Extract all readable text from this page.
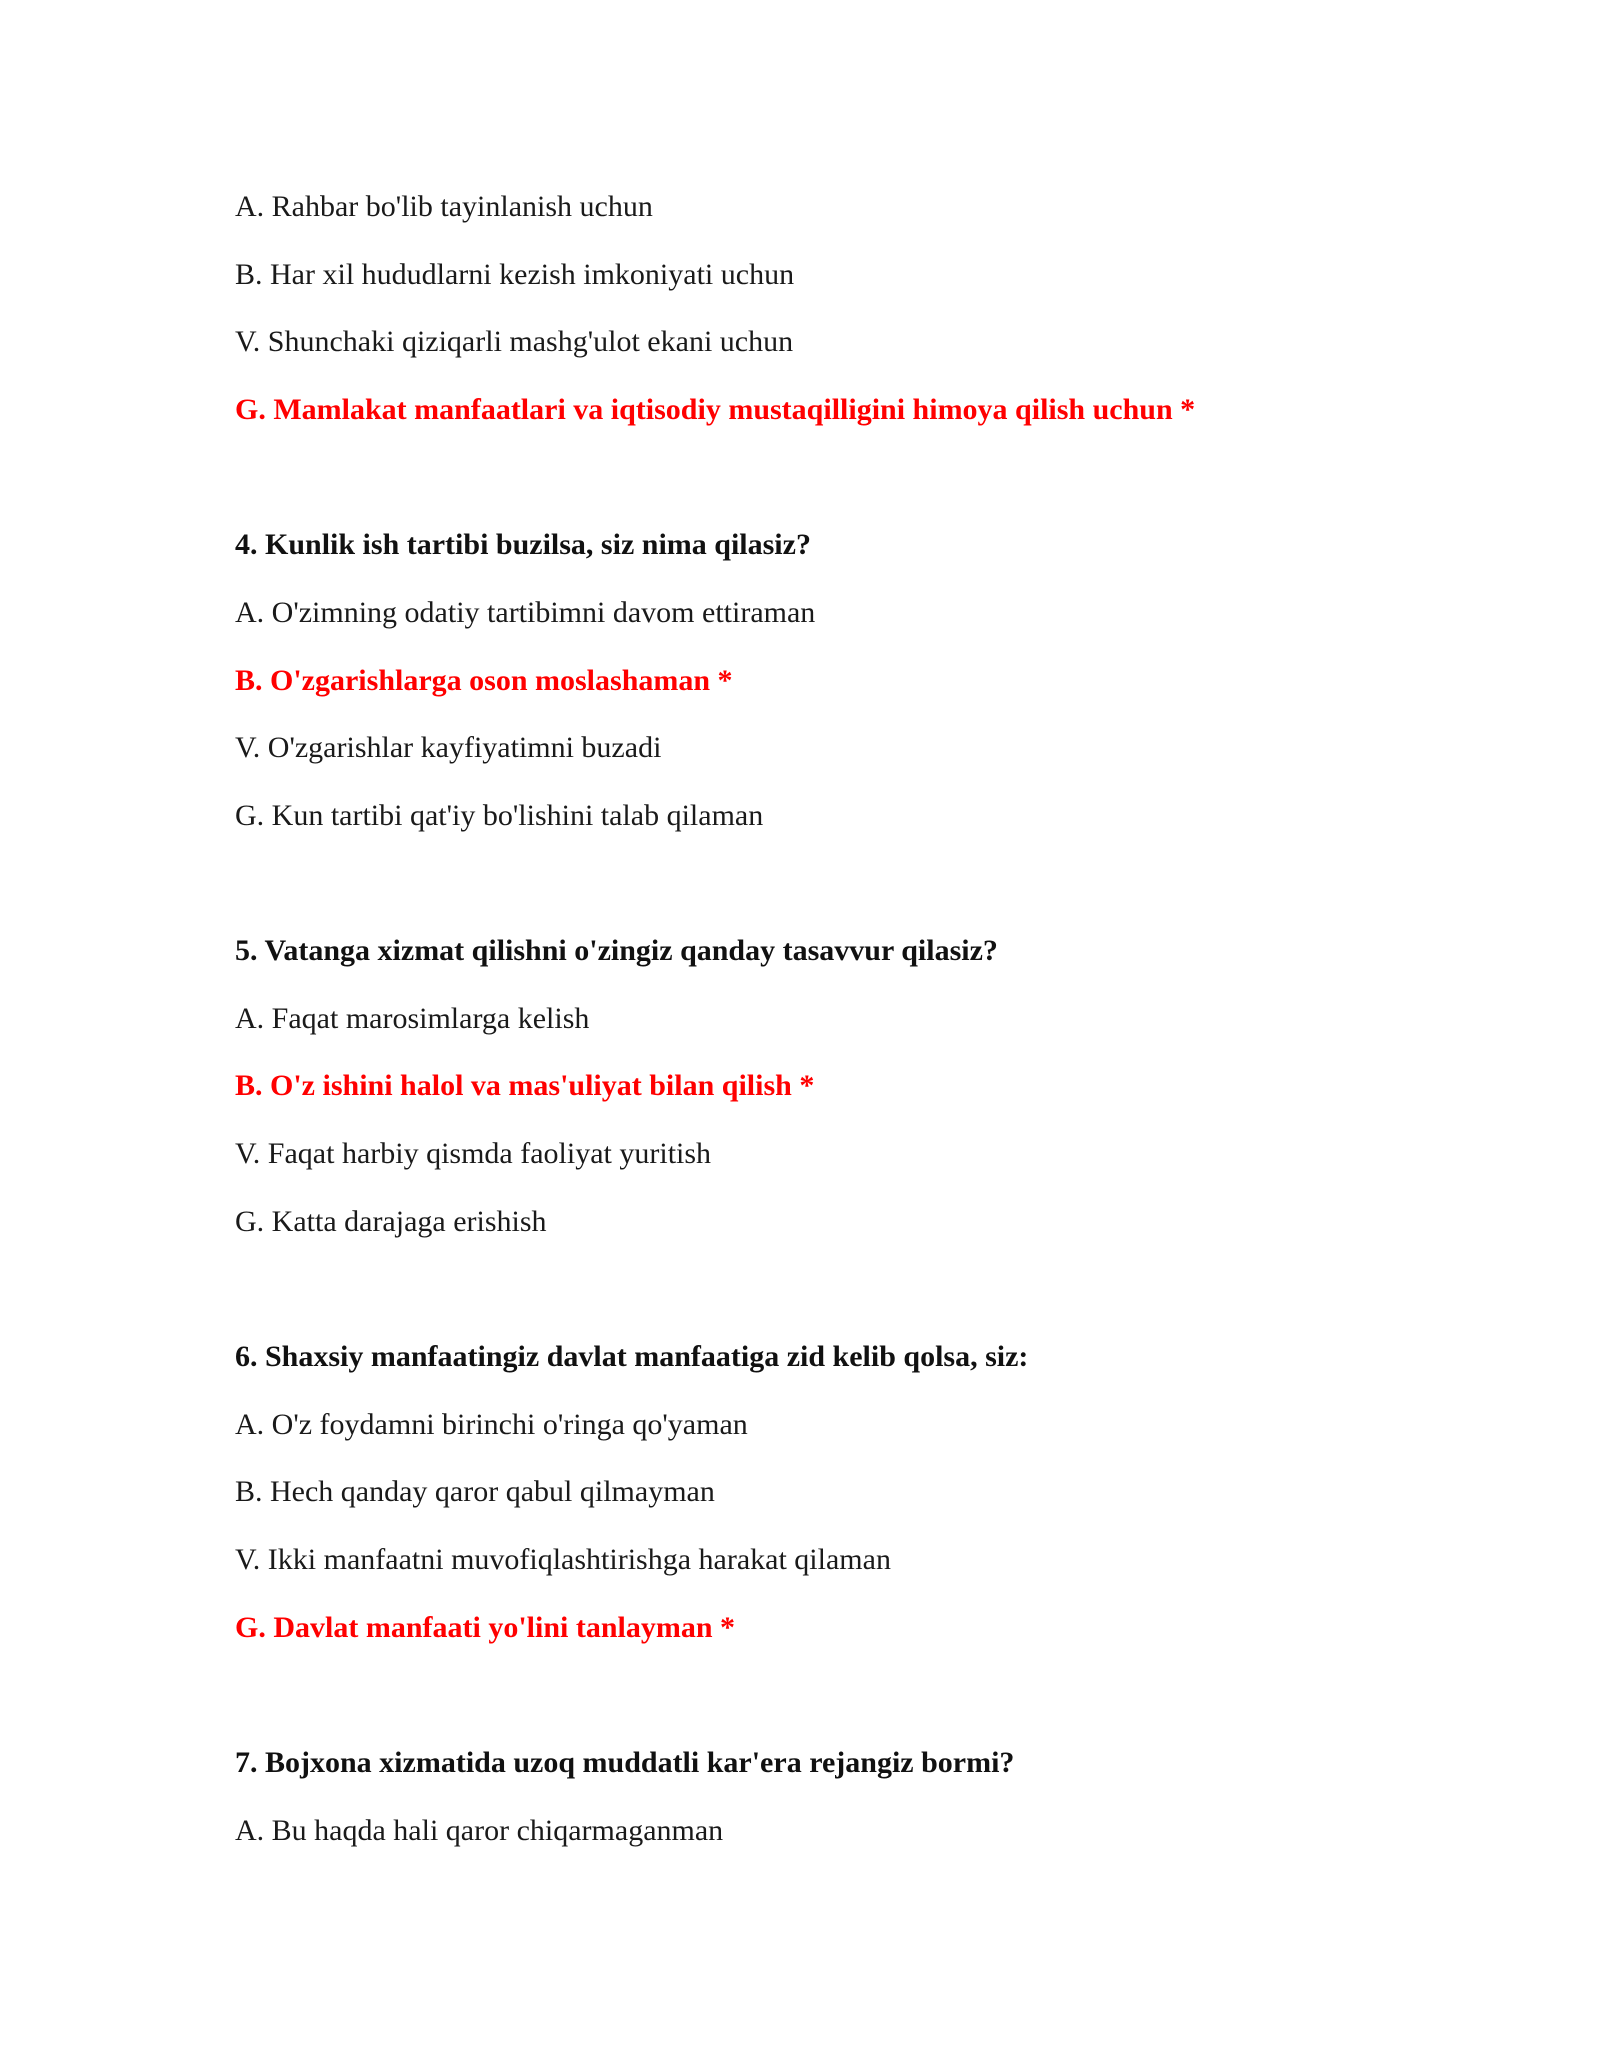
A. Rahbar bo'lib tayinlanish uchun
B. Har xil hududlarni kezish imkoniyati uchun
V. Shunchaki qiziqarli mashg'ulot ekani uchun
G. Mamlakat manfaatlari va iqtisodiy mustaqilligini himoya qilish uchun *
4. Kunlik ish tartibi buzilsa, siz nima qilasiz?
A. O'zimning odatiy tartibimni davom ettiraman
B. O'zgarishlarga oson moslashaman *
V. O'zgarishlar kayfiyatimni buzadi
G. Kun tartibi qat'iy bo'lishini talab qilaman
5. Vatanga xizmat qilishni o'zingiz qanday tasavvur qilasiz?
A. Faqat marosimlarga kelish
B. O'z ishini halol va mas'uliyat bilan qilish *
V. Faqat harbiy qismda faoliyat yuritish
G. Katta darajaga erishish
6. Shaxsiy manfaatingiz davlat manfaatiga zid kelib qolsa, siz:
A. O'z foydamni birinchi o'ringa qo'yaman
B. Hech qanday qaror qabul qilmayman
V. Ikki manfaatni muvofiqlashtirishga harakat qilaman
G. Davlat manfaati yo'lini tanlayman *
7. Bojxona xizmatida uzoq muddatli kar'era rejangiz bormi?
A. Bu haqda hali qaror chiqarmaganman
